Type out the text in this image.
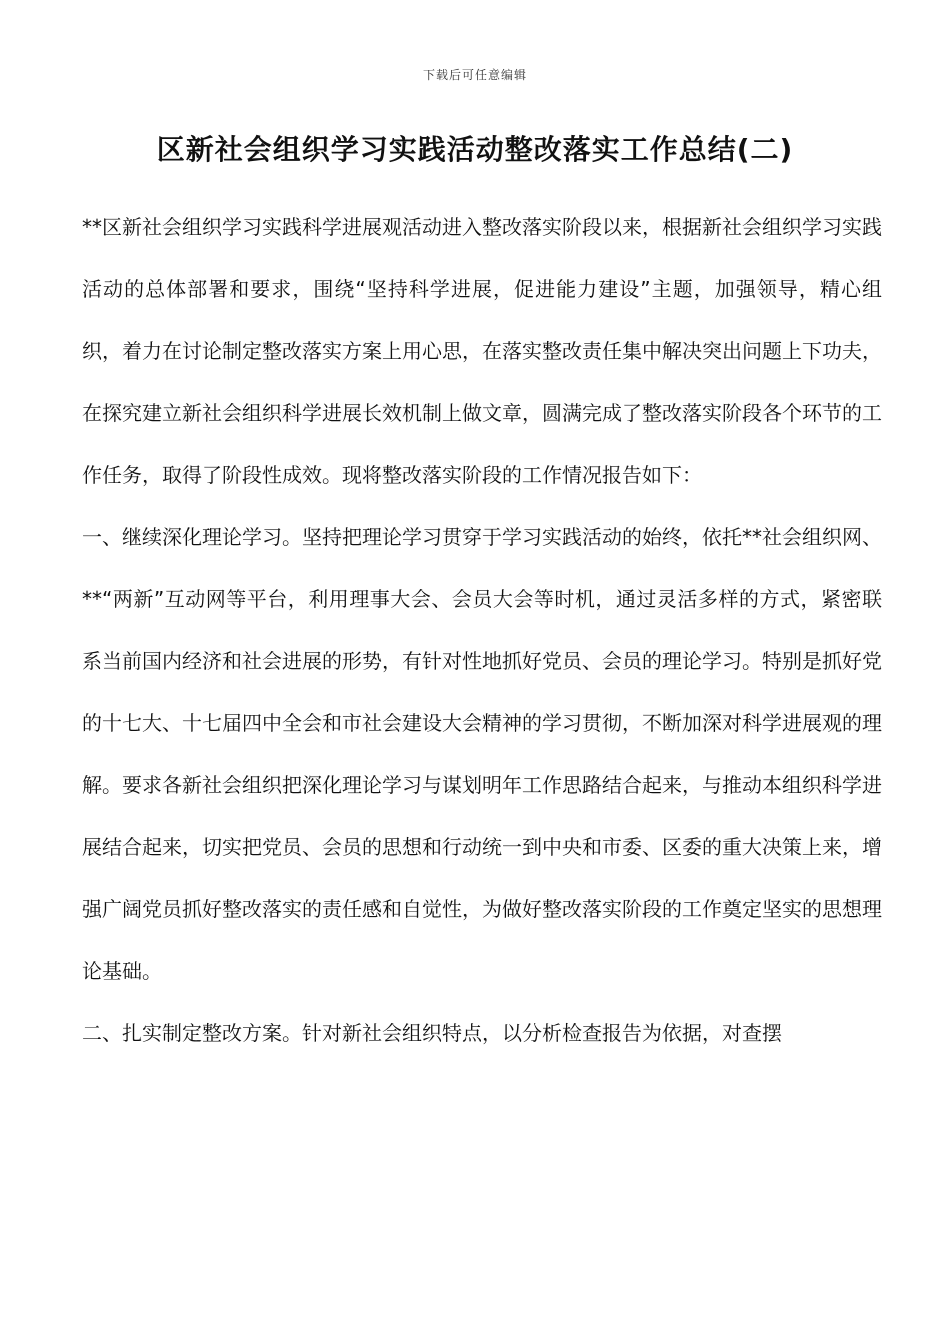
下载后可任意编辑
区新社会组织学习实践活动整改落实工作总结(二)

**区新社会组织学习实践科学进展观活动进入整改落实阶段以来，根据新社会组织学习实践活动的总体部署和要求，围绕“坚持科学进展，促进能力建设”主题，加强领导，精心组织，着力在讨论制定整改落实方案上用心思，在落实整改责任集中解决突出问题上下功夫，在探究建立新社会组织科学进展长效机制上做文章，圆满完成了整改落实阶段各个环节的工作任务，取得了阶段性成效。现将整改落实阶段的工作情况报告如下：

一、继续深化理论学习。坚持把理论学习贯穿于学习实践活动的始终，依托**社会组织网、**“两新”互动网等平台，利用理事大会、会员大会等时机，通过灵活多样的方式，紧密联系当前国内经济和社会进展的形势，有针对性地抓好党员、会员的理论学习。特别是抓好党的十七大、十七届四中全会和市社会建设大会精神的学习贯彻，不断加深对科学进展观的理解。要求各新社会组织把深化理论学习与谋划明年工作思路结合起来，与推动本组织科学进展结合起来，切实把党员、会员的思想和行动统一到中央和市委、区委的重大决策上来，增强广阔党员抓好整改落实的责任感和自觉性，为做好整改落实阶段的工作奠定坚实的思想理论基础。

二、扎实制定整改方案。针对新社会组织特点，以分析检查报告为依据，对查摆
